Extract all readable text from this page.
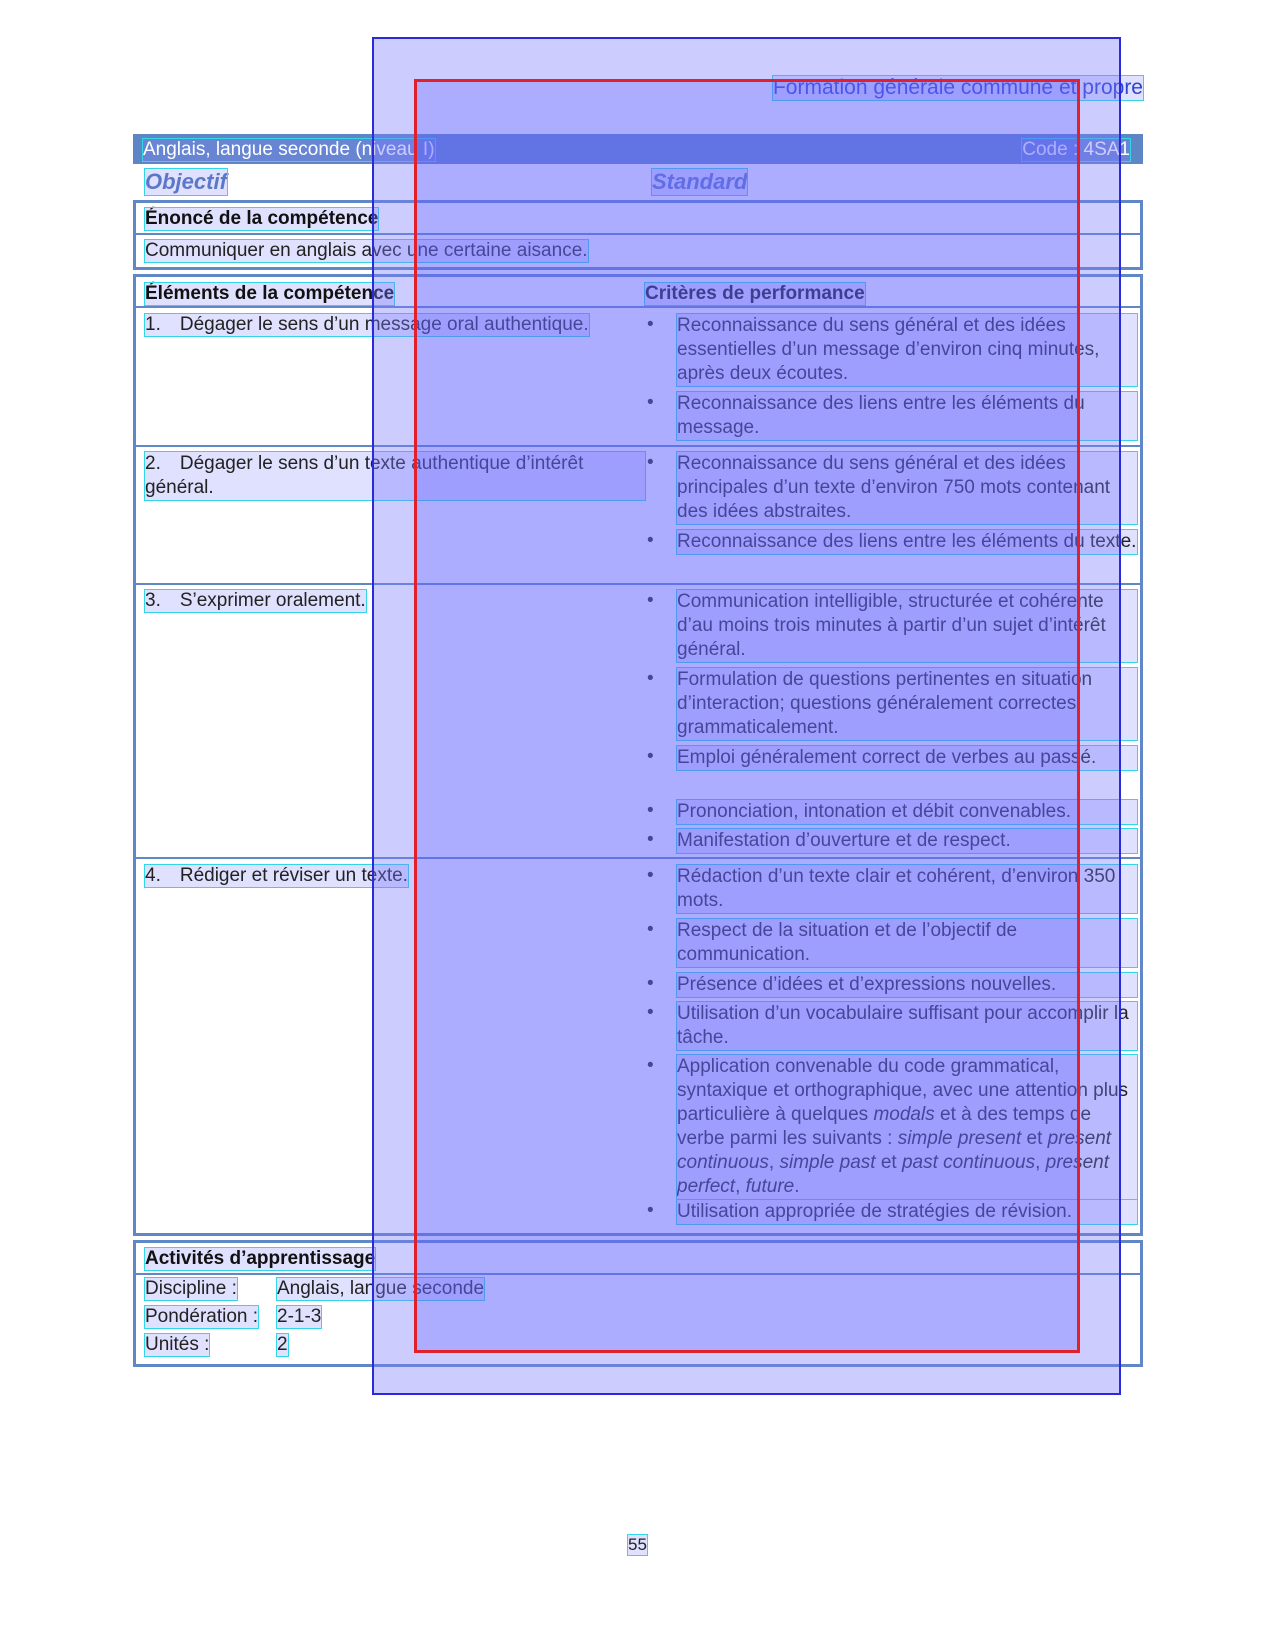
Formation générale commune et propre
Anglais, langue seconde (niveau I)	Code : 4SA1
Objectif	Standard
Énoncé de la compétence
Communiquer en anglais avec une certaine aisance.
Éléments de la compétence	Critères de performance
1. Dégager le sens d’un message oral authentique.	• Reconnaissance du sens général et des idées essentielles d’un message d’environ cinq minutes, après deux écoutes.
• Reconnaissance des liens entre les éléments du message.
2. Dégager le sens d’un texte authentique d’intérêt général.
• Reconnaissance du sens général et des idées principales d’un texte d’environ 750 mots contenant des idées abstraites.
• Reconnaissance des liens entre les éléments du texte.
3. S’exprimer oralement.	• Communication intelligible, structurée et cohérente d’au moins trois minutes à partir d’un sujet d’intérêt général.
• Formulation de questions pertinentes en situation d’interaction; questions généralement correctes grammaticalement.
• Emploi généralement correct de verbes au passé.
• Prononciation, intonation et débit convenables.
• Manifestation d’ouverture et de respect.
4. Rédiger et réviser un texte.	• Rédaction d’un texte clair et cohérent, d’environ 350 mots.
• Respect de la situation et de l’objectif de communication.
• Présence d’idées et d’expressions nouvelles.
• Utilisation d’un vocabulaire suffisant pour accomplir la tâche.
• Application convenable du code grammatical, syntaxique et orthographique, avec une attention plus particulière à quelques modals et à des temps de verbe parmi les suivants : simple present et present continuous, simple past et past continuous, present perfect, future.
• Utilisation appropriée de stratégies de révision.
Activités d’apprentissage
Discipline : Anglais, langue seconde
Pondération : 2-1-3
Unités :	2
55
